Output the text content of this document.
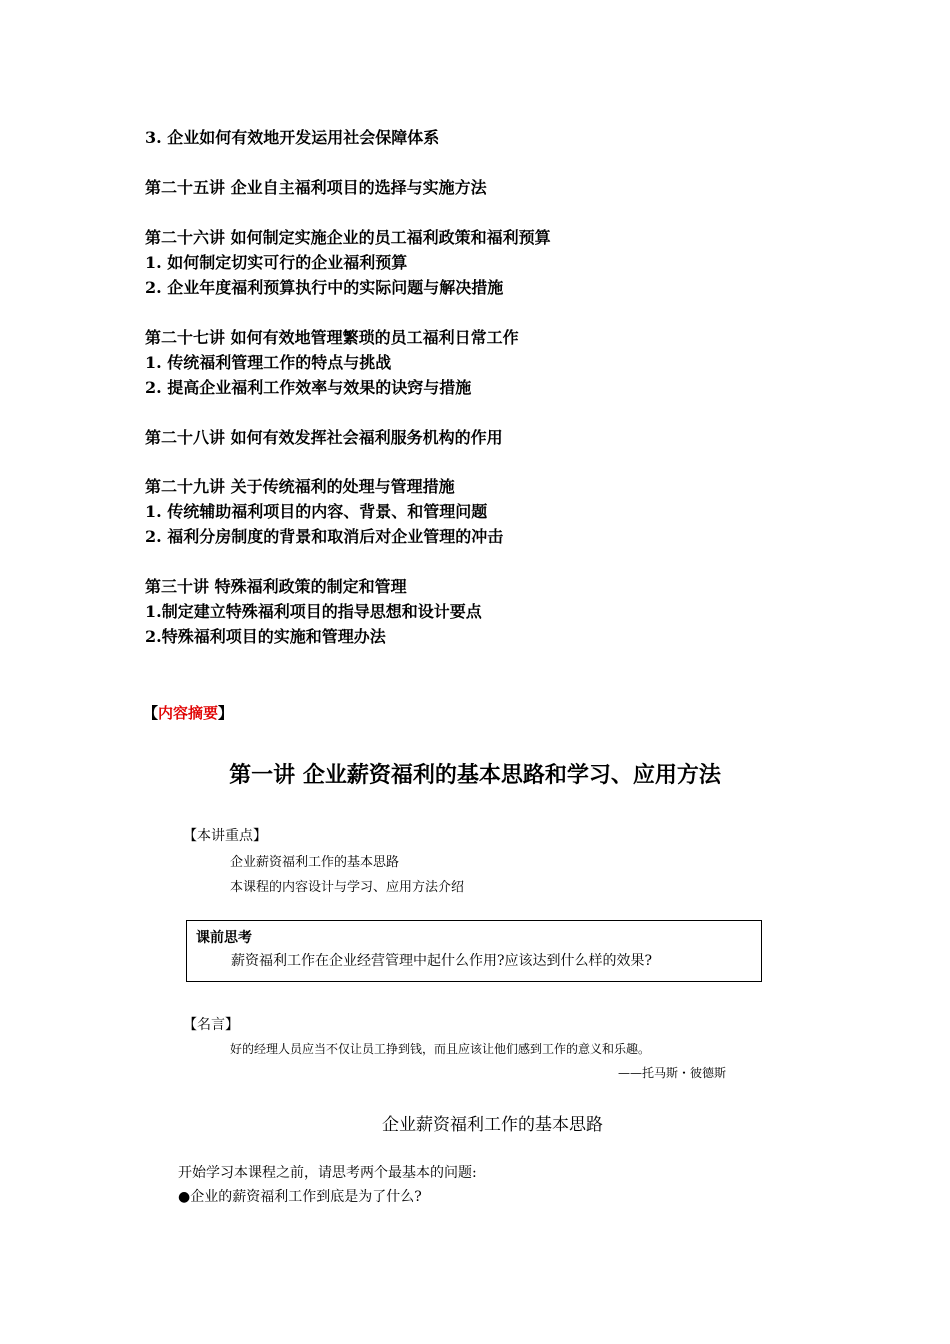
3. 企业如何有效地开发运用社会保障体系
第二十五讲 企业自主福利项目的选择与实施方法
第二十六讲 如何制定实施企业的员工福利政策和福利预算
1. 如何制定切实可行的企业福利预算
2. 企业年度福利预算执行中的实际问题与解决措施
第二十七讲 如何有效地管理繁琐的员工福利日常工作
1. 传统福利管理工作的特点与挑战
2. 提高企业福利工作效率与效果的诀窍与措施
第二十八讲 如何有效发挥社会福利服务机构的作用
第二十九讲 关于传统福利的处理与管理措施
1. 传统辅助福利项目的内容、背景、和管理问题
2. 福利分房制度的背景和取消后对企业管理的冲击
第三十讲 特殊福利政策的制定和管理
1.制定建立特殊福利项目的指导思想和设计要点
2.特殊福利项目的实施和管理办法
【内容摘要】
第一讲 企业薪资福利的基本思路和学习、应用方法
【本讲重点】
企业薪资福利工作的基本思路
本课程的内容设计与学习、应用方法介绍
课前思考
薪资福利工作在企业经营管理中起什么作用?应该达到什么样的效果?
【名言】
好的经理人员应当不仅让员工挣到钱，而且应该让他们感到工作的意义和乐趣。
——托马斯・彼德斯
企业薪资福利工作的基本思路
开始学习本课程之前，请思考两个最基本的问题:
●企业的薪资福利工作到底是为了什么?
